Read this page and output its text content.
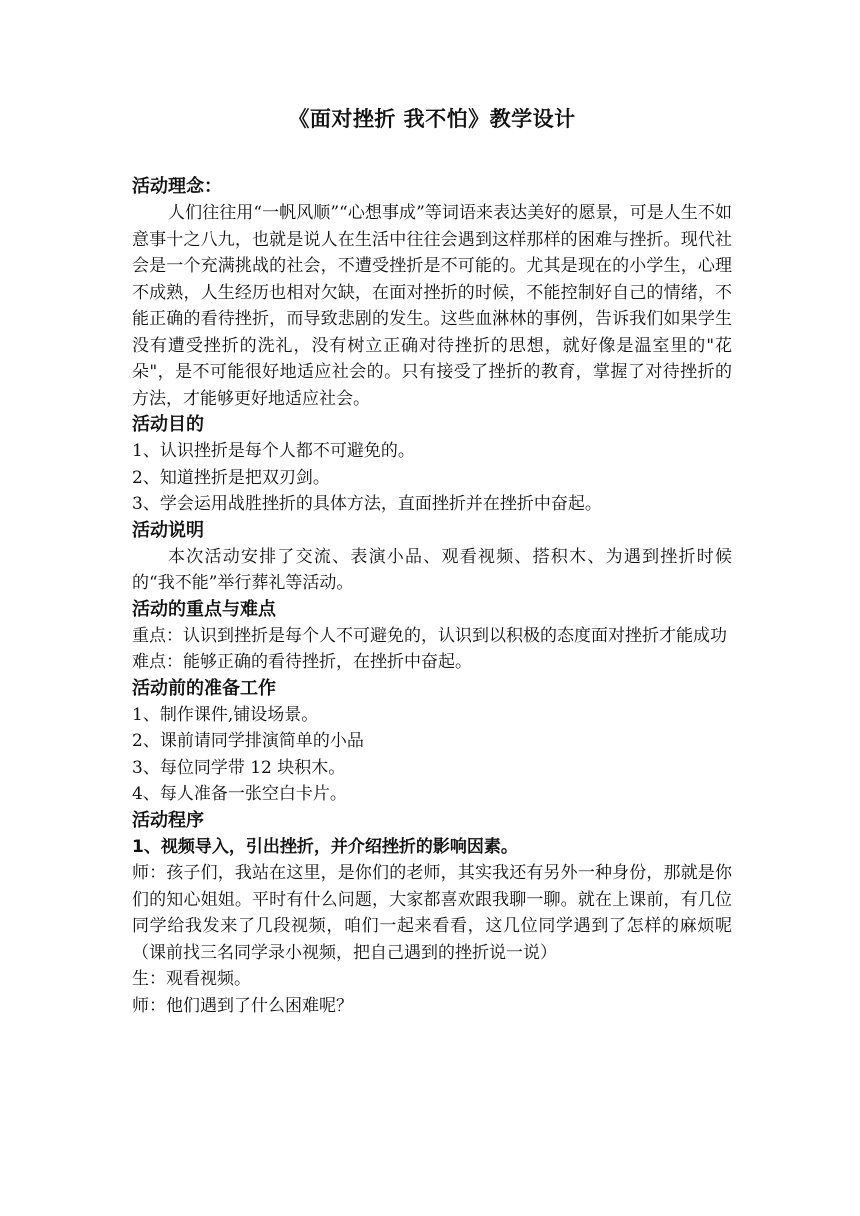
《面对挫折 我不怕》教学设计

活动理念：

人们往往用“一帆风顺”“心想事成”等词语来表达美好的愿景，可是人生不如意事十之八九，也就是说人在生活中往往会遇到这样那样的困难与挫折。现代社会是一个充满挑战的社会，不遭受挫折是不可能的。尤其是现在的小学生，心理不成熟，人生经历也相对欠缺，在面对挫折的时候，不能控制好自己的情绪，不能正确的看待挫折，而导致悲剧的发生。这些血淋林的事例，告诉我们如果学生没有遭受挫折的洗礼，没有树立正确对待挫折的思想，就好像是温室里的"花朵"，是不可能很好地适应社会的。只有接受了挫折的教育，掌握了对待挫折的方法，才能够更好地适应社会。

活动目的

1、认识挫折是每个人都不可避免的。

2、知道挫折是把双刃剑。

3、学会运用战胜挫折的具体方法，直面挫折并在挫折中奋起。

活动说明

本次活动安排了交流、表演小品、观看视频、搭积木、为遇到挫折时候的“我不能”举行葬礼等活动。

活动的重点与难点

重点：认识到挫折是每个人不可避免的，认识到以积极的态度面对挫折才能成功

难点：能够正确的看待挫折，在挫折中奋起。

活动前的准备工作

1、制作课件,铺设场景。

2、课前请同学排演简单的小品

3、每位同学带 12 块积木。

4、每人准备一张空白卡片。

活动程序

1、视频导入，引出挫折，并介绍挫折的影响因素。

师：孩子们，我站在这里，是你们的老师，其实我还有另外一种身份，那就是你们的知心姐姐。平时有什么问题，大家都喜欢跟我聊一聊。就在上课前，有几位同学给我发来了几段视频，咱们一起来看看，这几位同学遇到了怎样的麻烦呢（课前找三名同学录小视频，把自己遇到的挫折说一说）

生：观看视频。

师：他们遇到了什么困难呢？
